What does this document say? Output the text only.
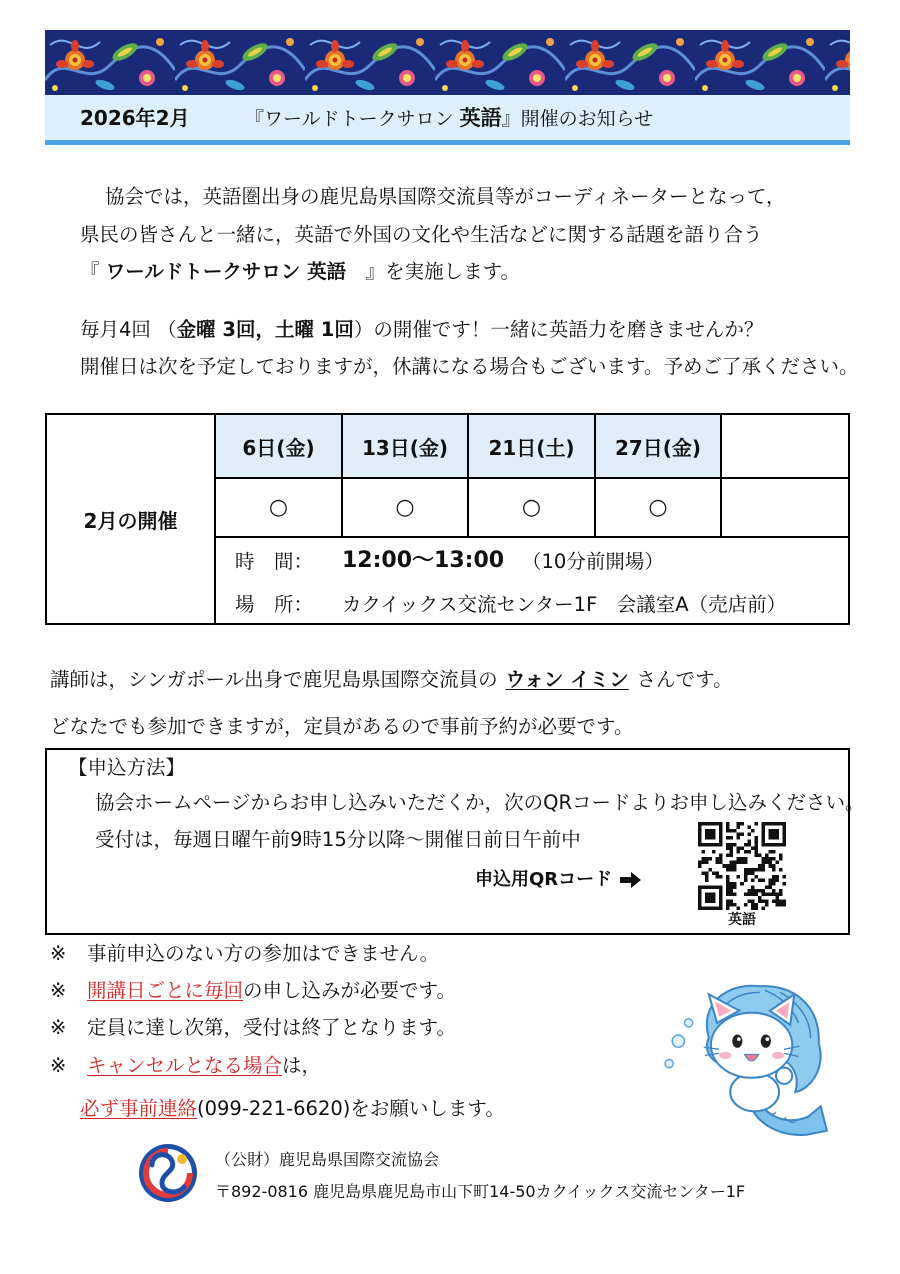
2026年2月	『ワールドトークサロン 英語』開催のお知らせ
協会では，英語圏出身の鹿児島県国際交流員等がコーディネーターとなって，
県民の皆さんと一緒に，英語で外国の文化や生活などに関する話題を語り合う
『 ワールドトークサロン 英語　』を実施します。
毎月4回 （金曜 3回，土曜 1回）の開催です！一緒に英語力を磨きませんか？
開催日は次を予定しておりますが，休講になる場合もございます。予めご了承ください。
2月の開催
6日(金)	13日(金)	21日(土)	27日(金)
○	○	○	○
時　間： 12:00～13:00 （10分前開場）
場　所： カクイックス交流センター1F　会議室A（売店前）
講師は，シンガポール出身で鹿児島県国際交流員の ウォン イミン さんです。
どなたでも参加できますが，定員があるので事前予約が必要です。
【申込方法】
協会ホームページからお申し込みいただくか，次のQRコードよりお申し込みください。
受付は，毎週日曜午前9時15分以降～開催日前日午前中
申込用QRコード
英語
※ 事前申込のない方の参加はできません。
※ 開講日ごとに毎回の申し込みが必要です。
※ 定員に達し次第，受付は終了となります。
※ キャンセルとなる場合は，
必ず事前連絡(099-221-6620)をお願いします。
（公財）鹿児島県国際交流協会
〒892-0816 鹿児島県鹿児島市山下町14-50カクイックス交流センター1F
